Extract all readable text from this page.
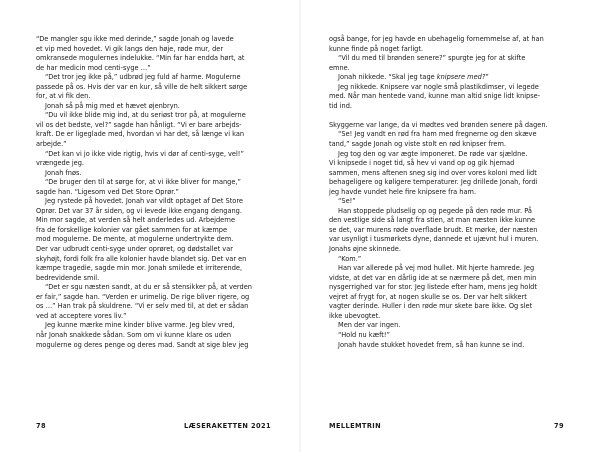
“De mangler sgu ikke med derinde,” sagde Jonah og lavede

et vip med hovedet. Vi gik langs den høje, røde mur, der

omkransede mogulernes indelukke. “Min far har endda hørt, at

de har medicin mod centi-syge …”

“Det tror jeg ikke på,” udbrød jeg fuld af harme. Mogulerne

passede på os. Hvis der var en kur, så ville de helt sikkert sørge

for, at vi fik den.

Jonah så på mig med et hævet øjenbryn.

“Du vil ikke blide mig ind, at du seriøst tror på, at mogulerne

vil os det bedste, vel?” sagde han hånligt. “Vi er bare arbejds-

kraft. De er ligeglade med, hvordan vi har det, så længe vi kan

arbejde.”

“Det kan vi jo ikke vide rigtig, hvis vi dør af centi-syge, vel!”

vrængede jeg.

Jonah fnøs.

“De bruger den til at sørge for, at vi ikke bliver for mange,”

sagde han. “Ligesom ved Det Store Oprør.”

Jeg rystede på hovedet. Jonah var vildt optaget af Det Store

Oprør. Det var 37 år siden, og vi levede ikke engang dengang.

Min mor sagde, at verden så helt anderledes ud. Arbejderne

fra de forskellige kolonier var gået sammen for at kæmpe

mod mogulerne. De mente, at mogulerne undertrykte dem.

Der var udbrudt centi-syge under oprøret, og dødstallet var

skyhøjt, fordi folk fra alle kolonier havde blandet sig. Det var en

kæmpe tragedie, sagde min mor. Jonah smilede et irriterende,

bedrevidende smil.

“Det er sgu næsten sandt, at du er så stensikker på, at verden

er fair,” sagde han. “Verden er urimelig. De rige bliver rigere, og

os …” Han trak på skuldrene. “Vi er selv med til, at det er sådan

ved at acceptere vores liv.”

Jeg kunne mærke mine kinder blive varme. Jeg blev vred,

når Jonah snakkede sådan. Som om vi kunne klare os uden

mogulerne og deres penge og deres mad. Sandt at sige blev jeg

78	LÆSERAKETTEN 2021

også bange, for jeg havde en ubehagelig fornemmelse af, at han

kunne finde på noget farligt.

“Vil du med til brønden senere?” spurgte jeg for at skifte

emne.

Jonah nikkede. “Skal jeg tage knipsere med?”

Jeg nikkede. Knipsere var nogle små plastikdimser, vi legede

med. Når man hentede vand, kunne man altid snige lidt knipse-

tid ind.

Skyggerne var lange, da vi mødtes ved brønden senere på dagen.

“Se! Jeg vandt en rød fra ham med fregnerne og den skæve

tand,” sagde Jonah og viste stolt en rød knipser frem.

Jeg tog den og var ægte imponeret. De røde var sjældne.

Vi knipsede i noget tid, så hev vi vand op og gik hjemad

sammen, mens aftenen sneg sig ind over vores koloni med lidt

behageligere og køligere temperaturer. Jeg drillede Jonah, fordi

jeg havde vundet hele fire knipsere fra ham.

“Se!”

Han stoppede pludselig op og pegede på den røde mur. På

den vestlige side så langt fra stien, at man næsten ikke kunne

se det, var murens røde overflade brudt. Et mørke, der næsten

var usynligt i tusmørkets dyne, dannede et ujævnt hul i muren.

Jonahs øjne skinnede.

“Kom.”

Han var allerede på vej mod hullet. Mit hjerte hamrede. Jeg

vidste, at det var en dårlig ide at se nærmere på det, men min

nysgerrighed var for stor. Jeg listede efter ham, mens jeg holdt

vejret af frygt for, at nogen skulle se os. Der var helt sikkert

vagter derinde. Huller i den røde mur skete bare ikke. Og slet

ikke ubevogtet.

Men der var ingen.

“Hold nu kæft!”

Jonah havde stukket hovedet frem, så han kunne se ind.

MELLEMTRIN	79
